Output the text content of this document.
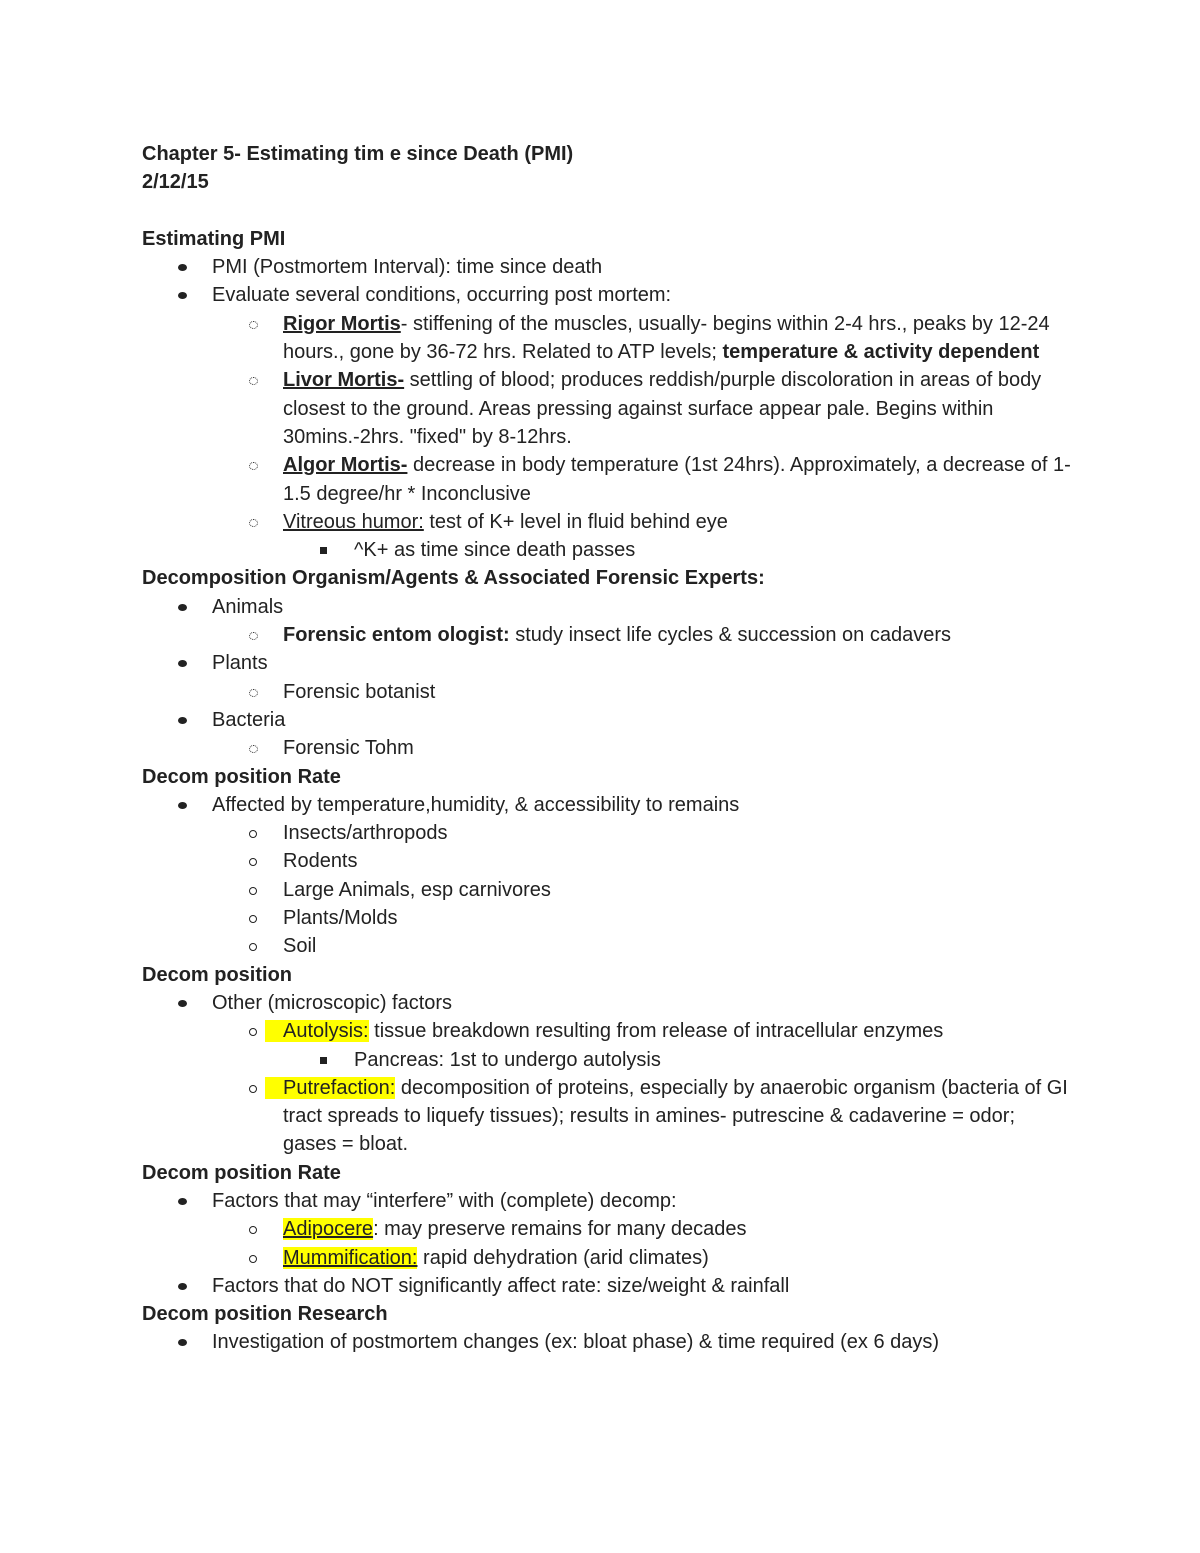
Chapter 5- Estimating tim e since Death (PMI)
2/12/15

Estimating PMI
PMI (Postmortem Interval): time since death
Evaluate several conditions, occurring post mortem:
Rigor Mortis- stiffening of the muscles, usually- begins within 2-4 hrs., peaks by 12-24 hours., gone by 36-72 hrs. Related to ATP levels; temperature & activity dependent
Livor Mortis- settling of blood; produces reddish/purple discoloration in areas of body closest to the ground. Areas pressing against surface appear pale. Begins within 30mins.-2hrs. "fixed" by 8-12hrs.
Algor Mortis- decrease in body temperature (1st 24hrs). Approximately, a decrease of 1-1.5 degree/hr * Inconclusive
Vitreous humor: test of K+ level in fluid behind eye
^K+ as time since death passes
Decomposition Organism/Agents & Associated Forensic Experts:
Animals
Forensic entom ologist: study insect life cycles & succession on cadavers
Plants
Forensic botanist
Bacteria
Forensic Tohm
Decom position Rate
Affected by temperature,humidity, & accessibility to remains
Insects/arthropods
Rodents
Large Animals, esp carnivores
Plants/Molds
Soil
Decom position
Other (microscopic) factors
Autolysis: tissue breakdown resulting from release of intracellular enzymes
Pancreas: 1st to undergo autolysis
Putrefaction: decomposition of proteins, especially by anaerobic organism (bacteria of GI tract spreads to liquefy tissues); results in amines- putrescine & cadaverine = odor; gases = bloat.
Decom position Rate
Factors that may “interfere” with (complete) decomp:
Adipocere: may preserve remains for many decades
Mummification: rapid dehydration (arid climates)
Factors that do NOT significantly affect rate: size/weight & rainfall
Decom position Research
Investigation of postmortem changes (ex: bloat phase) & time required (ex 6 days)
